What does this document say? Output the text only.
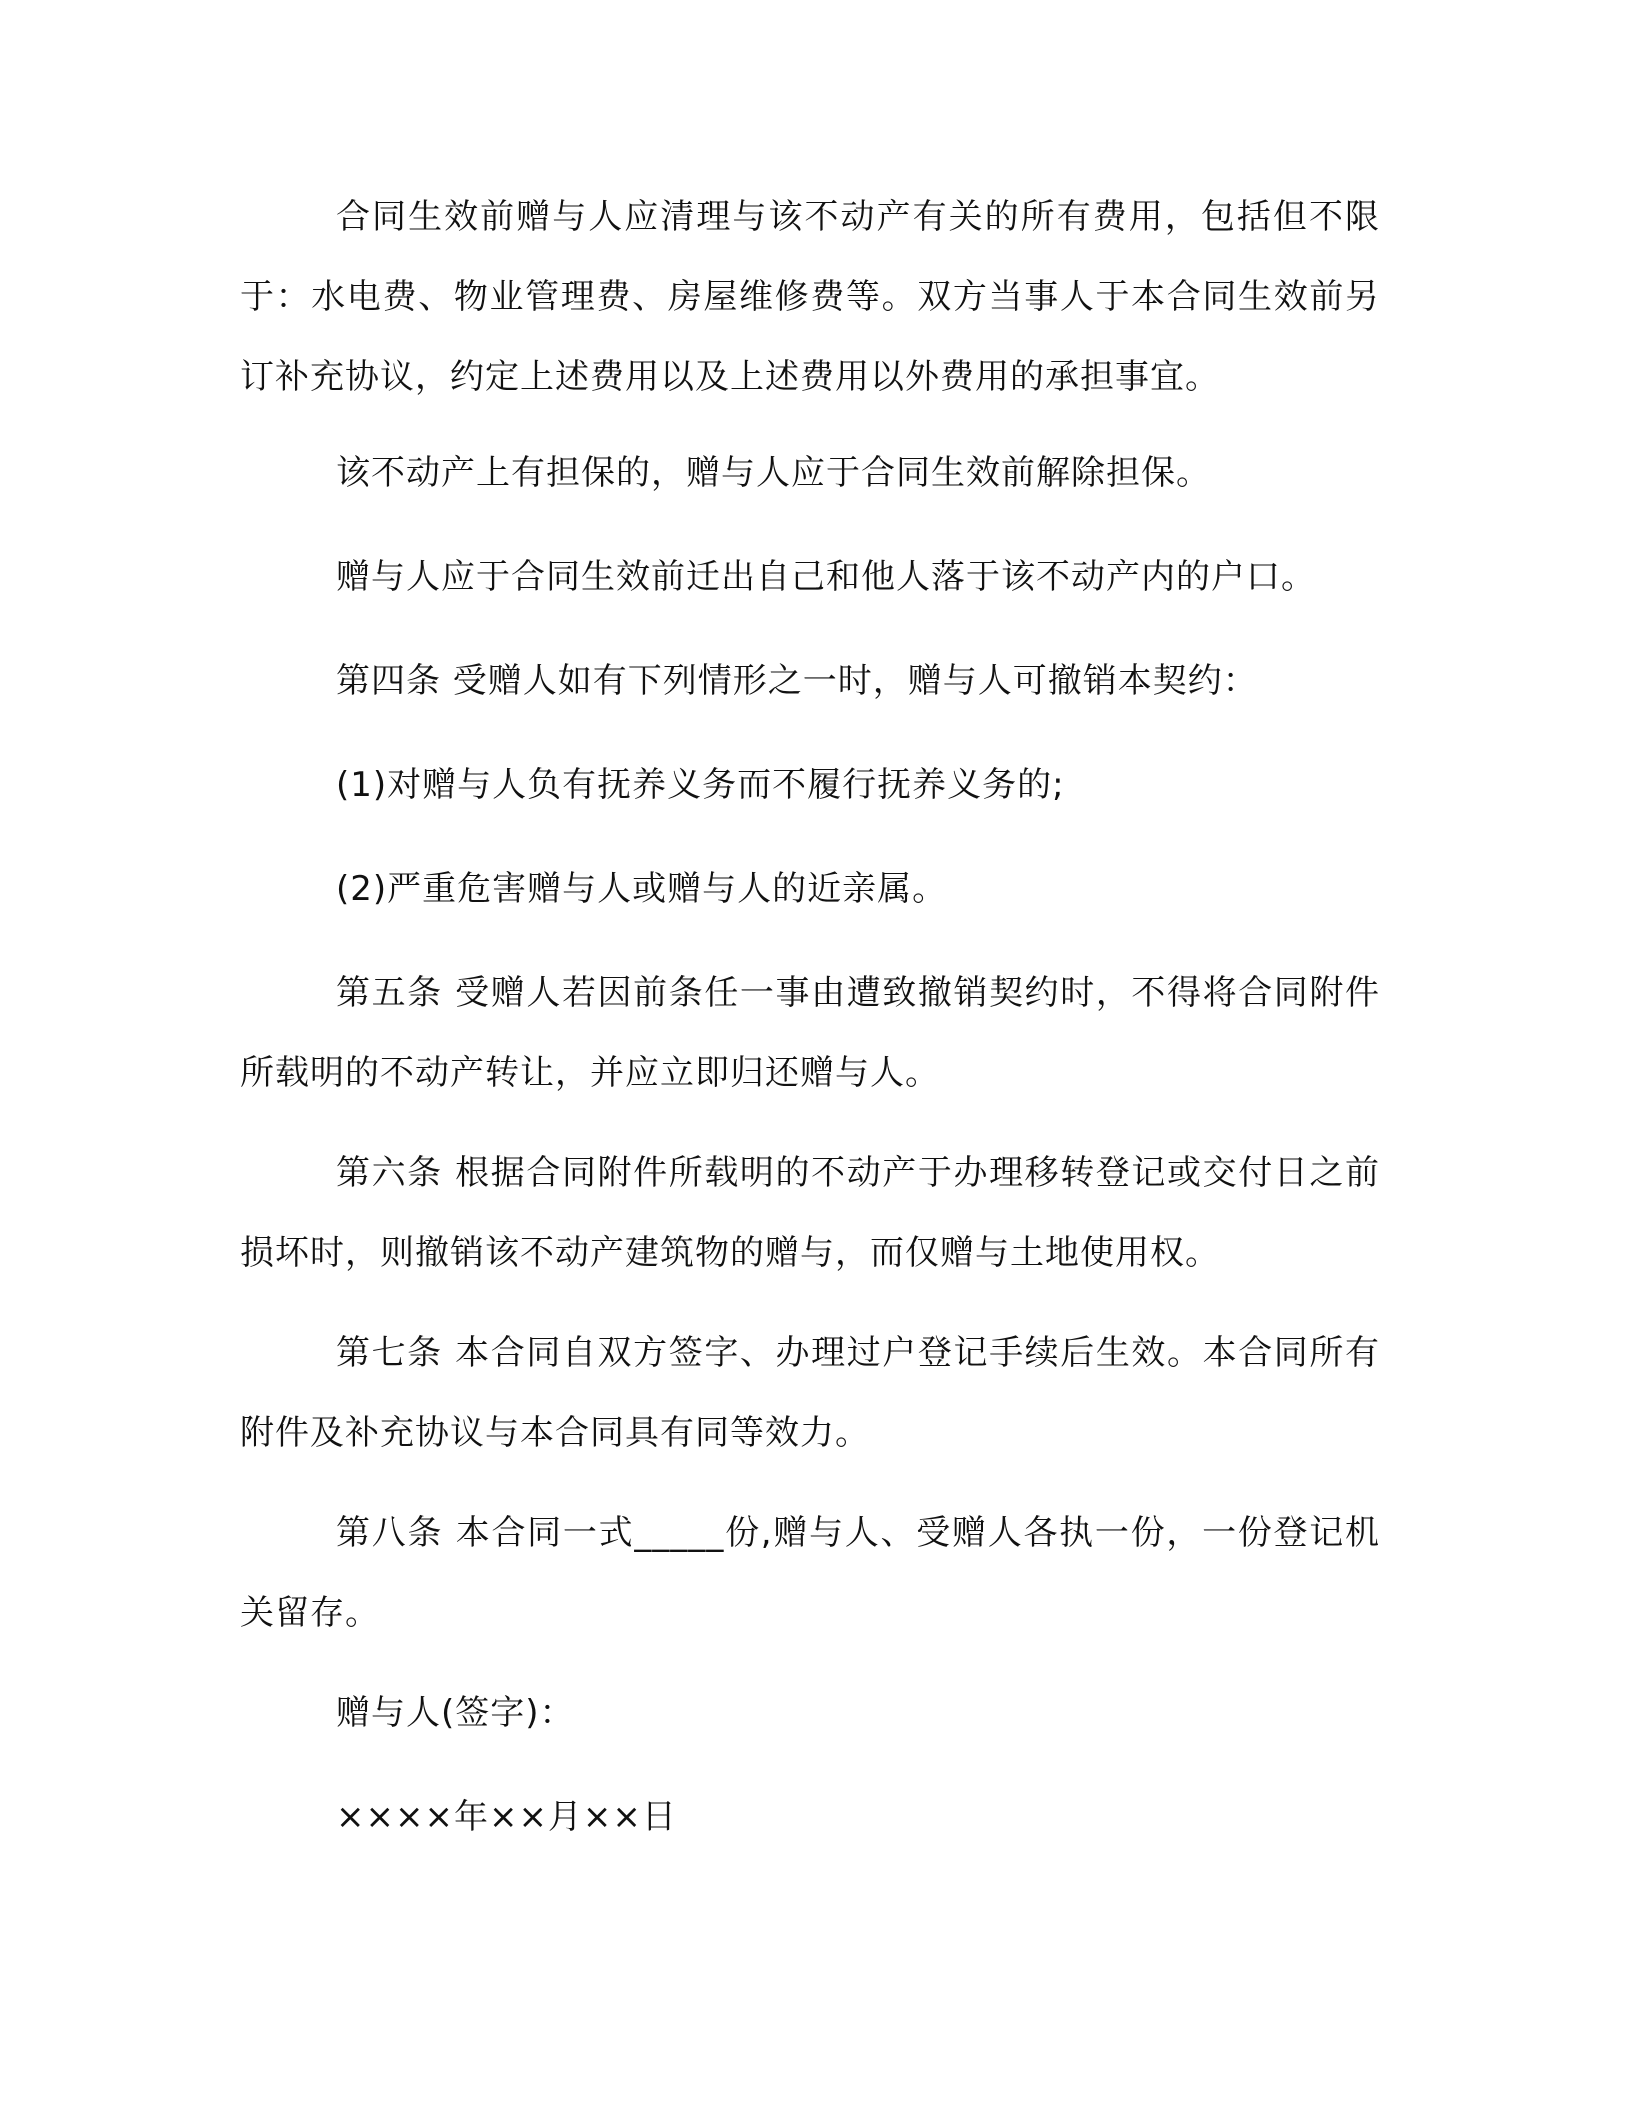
合同生效前赠与人应清理与该不动产有关的所有费用，包括但不限于：水电费、物业管理费、房屋维修费等。双方当事人于本合同生效前另订补充协议，约定上述费用以及上述费用以外费用的承担事宜。

该不动产上有担保的，赠与人应于合同生效前解除担保。

赠与人应于合同生效前迁出自己和他人落于该不动产内的户口。

第四条 受赠人如有下列情形之一时，赠与人可撤销本契约：

(1)对赠与人负有抚养义务而不履行抚养义务的;

(2)严重危害赠与人或赠与人的近亲属。

第五条 受赠人若因前条任一事由遭致撤销契约时，不得将合同附件所载明的不动产转让，并应立即归还赠与人。

第六条 根据合同附件所载明的不动产于办理移转登记或交付日之前损坏时，则撤销该不动产建筑物的赠与，而仅赠与土地使用权。

第七条 本合同自双方签字、办理过户登记手续后生效。本合同所有附件及补充协议与本合同具有同等效力。

第八条 本合同一式_____份,赠与人、受赠人各执一份，一份登记机关留存。

赠与人(签字)：

××××年××月××日
